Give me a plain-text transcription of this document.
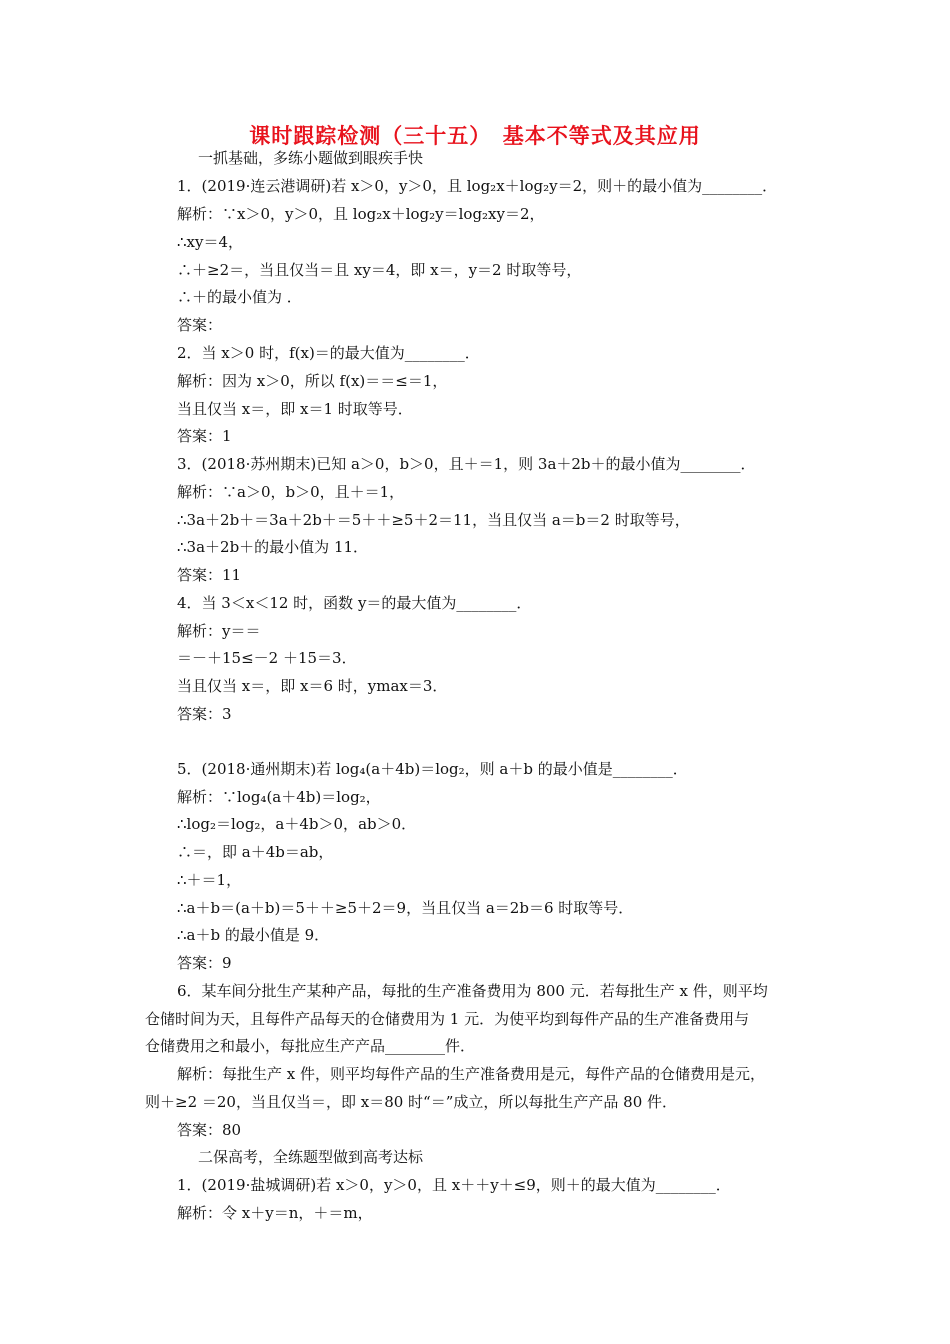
课时跟踪检测（三十五）　基本不等式及其应用
一抓基础，多练小题做到眼疾手快
1．(2019·连云港调研)若 x＞0，y＞0，且 log₂x＋log₂y＝2，则＋的最小值为________．
解析：∵x＞0，y＞0，且 log₂x＋log₂y＝log₂xy＝2，
∴xy＝4，
∴＋≥2＝，当且仅当＝且 xy＝4，即 x＝，y＝2 时取等号，
∴＋的最小值为 ．
答案：
2．当 x＞0 时，f(x)＝的最大值为________．
解析：因为 x＞0，所以 f(x)＝＝≤＝1，
当且仅当 x＝，即 x＝1 时取等号．
答案：1
3．(2018·苏州期末)已知 a＞0，b＞0，且＋＝1，则 3a＋2b＋的最小值为________．
解析：∵a＞0，b＞0，且＋＝1，
∴3a＋2b＋＝3a＋2b＋＝5＋＋≥5＋2＝11，当且仅当 a＝b＝2 时取等号，
∴3a＋2b＋的最小值为 11．
答案：11
4．当 3＜x＜12 时，函数 y＝的最大值为________．
解析：y＝＝
＝－＋15≤－2 ＋15＝3．
当且仅当 x＝，即 x＝6 时，ymax＝3．
答案：3
5．(2018·通州期末)若 log₄(a＋4b)＝log₂，则 a＋b 的最小值是________．
解析：∵log₄(a＋4b)＝log₂，
∴log₂＝log₂，a＋4b＞0，ab＞0．
∴＝，即 a＋4b＝ab，
∴＋＝1，
∴a＋b＝(a＋b)＝5＋＋≥5＋2＝9，当且仅当 a＝2b＝6 时取等号．
∴a＋b 的最小值是 9．
答案：9
6．某车间分批生产某种产品，每批的生产准备费用为 800 元．若每批生产 x 件，则平均
仓储时间为天，且每件产品每天的仓储费用为 1 元．为使平均到每件产品的生产准备费用与
仓储费用之和最小，每批应生产产品________件．
解析：每批生产 x 件，则平均每件产品的生产准备费用是元，每件产品的仓储费用是元，
则＋≥2 ＝20，当且仅当＝，即 x＝80 时“＝”成立，所以每批生产产品 80 件．
答案：80
二保高考，全练题型做到高考达标
1．(2019·盐城调研)若 x＞0，y＞0，且 x＋＋y＋≤9，则＋的最大值为________．
解析：令 x＋y＝n，＋＝m，
